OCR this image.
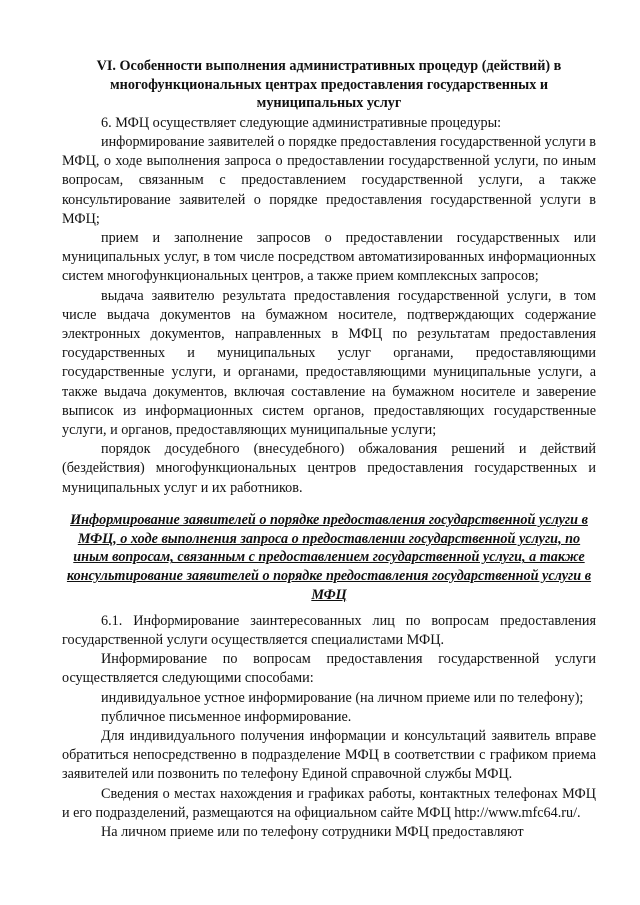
VI. Особенности выполнения административных процедур (действий) в многофункциональных центрах предоставления государственных и муниципальных услуг

6. МФЦ осуществляет следующие административные процедуры:

информирование заявителей о порядке предоставления государственной услуги в МФЦ, о ходе выполнения запроса о предоставлении государственной услуги, по иным вопросам, связанным с предоставлением государственной услуги, а также консультирование заявителей о порядке предоставления государственной услуги в МФЦ;

прием и заполнение запросов о предоставлении государственных или муниципальных услуг, в том числе посредством автоматизированных информационных систем многофункциональных центров, а также прием комплексных запросов;

выдача заявителю результата предоставления государственной услуги, в том числе выдача документов на бумажном носителе, подтверждающих содержание электронных документов, направленных в МФЦ по результатам предоставления государственных и муниципальных услуг органами, предоставляющими государственные услуги, и органами, предоставляющими муниципальные услуги, а также выдача документов, включая составление на бумажном носителе и заверение выписок из информационных систем органов, предоставляющих государственные услуги, и органов, предоставляющих муниципальные услуги;

порядок досудебного (внесудебного) обжалования решений и действий (бездействия) многофункциональных центров предоставления государственных и муниципальных услуг и их работников.

Информирование заявителей о порядке предоставления государственной услуги в МФЦ, о ходе выполнения запроса о предоставлении государственной услуги, по иным вопросам, связанным с предоставлением государственной услуги, а также консультирование заявителей о порядке предоставления государственной услуги в МФЦ

6.1. Информирование заинтересованных лиц по вопросам предоставления государственной услуги осуществляется специалистами МФЦ.

Информирование по вопросам предоставления государственной услуги осуществляется следующими способами:

индивидуальное устное информирование (на личном приеме или по телефону);

публичное письменное информирование.

Для индивидуального получения информации и консультаций заявитель вправе обратиться непосредственно в подразделение МФЦ в соответствии с графиком приема заявителей или позвонить по телефону Единой справочной службы МФЦ.

Сведения о местах нахождения и графиках работы, контактных телефонах МФЦ и его подразделений, размещаются на официальном сайте МФЦ http://www.mfc64.ru/.

На личном приеме или по телефону сотрудники МФЦ предоставляют
